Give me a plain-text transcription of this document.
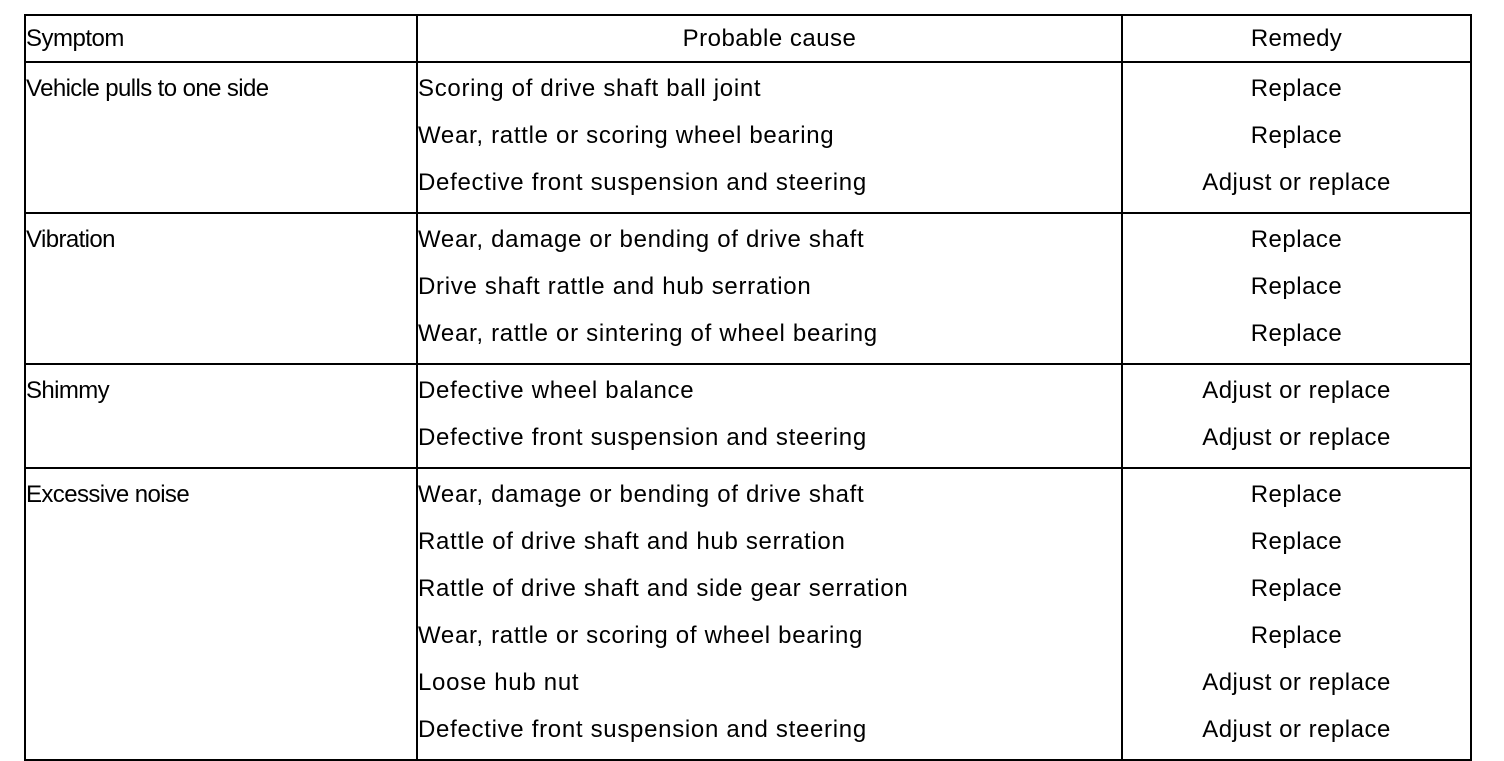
Symptom	Probable cause	Remedy
Vehicle pulls to one side	Scoring of drive shaft ball joint	Replace
	Wear, rattle or scoring wheel bearing	Replace
	Defective front suspension and steering	Adjust or replace
Vibration	Wear, damage or bending of drive shaft	Replace
	Drive shaft rattle and hub serration	Replace
	Wear, rattle or sintering of wheel bearing	Replace
Shimmy	Defective wheel balance	Adjust or replace
	Defective front suspension and steering	Adjust or replace
Excessive noise	Wear, damage or bending of drive shaft	Replace
	Rattle of drive shaft and hub serration	Replace
	Rattle of drive shaft and side gear serration	Replace
	Wear, rattle or scoring of wheel bearing	Replace
	Loose hub nut	Adjust or replace
	Defective front suspension and steering	Adjust or replace
